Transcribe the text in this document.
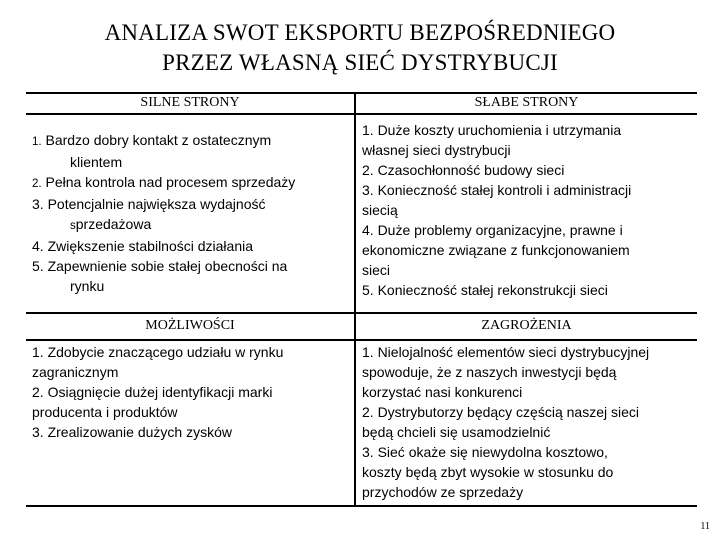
ANALIZA SWOT EKSPORTU BEZPOŚREDNIEGO
PRZEZ WŁASNĄ SIEĆ DYSTRYBUCJI
SILNE STRONY	SŁABE STRONY
MOŻLIWOŚCI	ZAGROŻENIA
1. Bardzo dobry kontakt z ostatecznym
klientem
2. Pełna kontrola nad procesem sprzedaży
3. Potencjalnie największa wydajność
sprzedażowa
4. Zwiększenie stabilności działania
5. Zapewnienie sobie stałej obecności na
rynku
1. Duże koszty uruchomienia i utrzymania
własnej sieci dystrybucji
2. Czasochłonność budowy sieci
3. Konieczność stałej kontroli i administracji
siecią
4. Duże problemy organizacyjne, prawne i
ekonomiczne związane z funkcjonowaniem
sieci
5. Konieczność stałej rekonstrukcji sieci
1. Zdobycie znaczącego udziału w rynku
zagranicznym
2. Osiągnięcie dużej identyfikacji marki
producenta i produktów
3. Zrealizowanie dużych zysków
1. Nielojalność elementów sieci dystrybucyjnej
spowoduje, że z naszych inwestycji będą
korzystać nasi konkurenci
2. Dystrybutorzy będący częścią naszej sieci
będą chcieli się usamodzielnić
3. Sieć okaże się niewydolna kosztowo,
koszty będą zbyt wysokie w stosunku do
przychodów ze sprzedaży
11
